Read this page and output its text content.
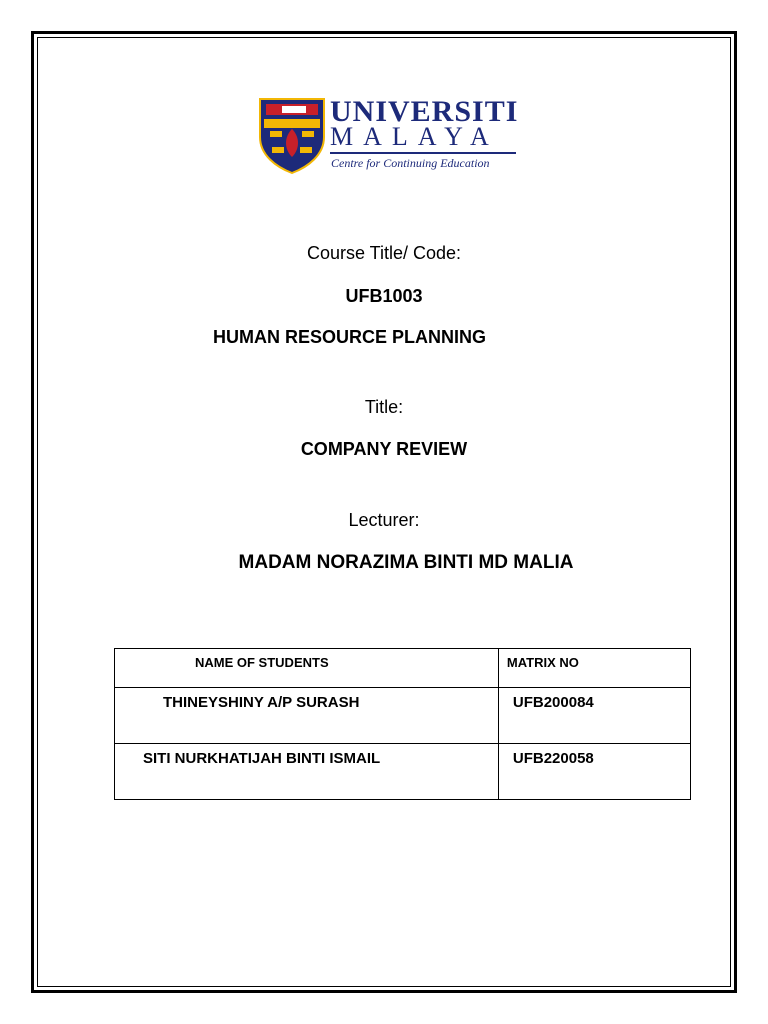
UNIVERSITI
MALAYA
Centre for Continuing Education
Course Title/ Code:
UFB1003
HUMAN RESOURCE PLANNING
Title:
COMPANY REVIEW
Lecturer:
MADAM NORAZIMA BINTI MD MALIA
NAME OF STUDENTS	MATRIX NO

THINEYSHINY A/P SURASH	UFB200084

SITI NURKHATIJAH BINTI ISMAIL	UFB220058
